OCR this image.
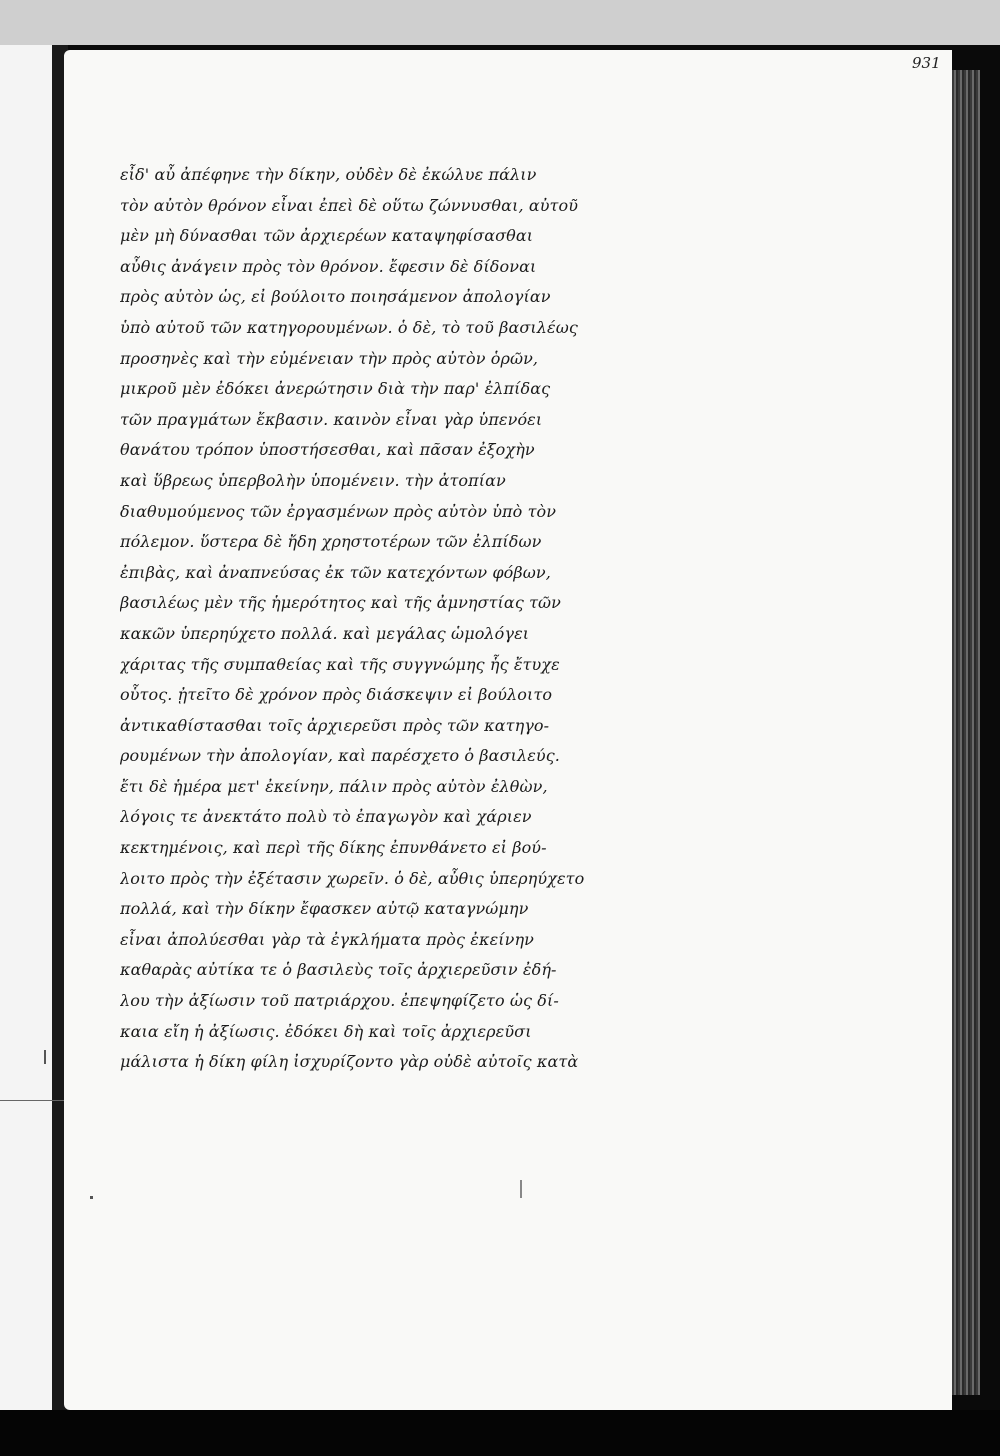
931
εἶδ' αὖ ἀπέφηνε τὴν δίκην, οὐδὲν δὲ ἐκώλυε πάλιν
τὸν αὐτὸν θρόνον εἶναι ἐπεὶ δὲ οὕτω ζώννυσθαι, αὐτοῦ
μὲν μὴ δύνασθαι τῶν ἀρχιερέων καταψηφίσασθαι
αὖθις ἀνάγειν πρὸς τὸν θρόνον. ἔφεσιν δὲ δίδοναι
πρὸς αὐτὸν ὡς, εἰ βούλοιτο ποιησάμενον ἀπολογίαν
ὑπὸ αὐτοῦ τῶν κατηγορουμένων. ὁ δὲ, τὸ τοῦ βασιλέως
προσηνὲς καὶ τὴν εὐμένειαν τὴν πρὸς αὐτὸν ὁρῶν,
μικροῦ μὲν ἐδόκει ἀνερώτησιν διὰ τὴν παρ' ἐλπίδας
τῶν πραγμάτων ἔκβασιν. καινὸν εἶναι γὰρ ὑπενόει
θανάτου τρόπον ὑποστήσεσθαι, καὶ πᾶσαν ἐξοχὴν
καὶ ὕβρεως ὑπερβολὴν ὑπομένειν. τὴν ἀτοπίαν
διαθυμούμενος τῶν ἐργασμένων πρὸς αὐτὸν ὑπὸ τὸν
πόλεμον. ὕστερα δὲ ἤδη χρηστοτέρων τῶν ἐλπίδων
ἐπιβὰς, καὶ ἀναπνεύσας ἐκ τῶν κατεχόντων φόβων,
βασιλέως μὲν τῆς ἡμερότητος καὶ τῆς ἀμνηστίας τῶν
κακῶν ὑπερηύχετο πολλά. καὶ μεγάλας ὡμολόγει
χάριτας τῆς συμπαθείας καὶ τῆς συγγνώμης ἧς ἔτυχε
οὗτος. ᾐτεῖτο δὲ χρόνον πρὸς διάσκεψιν εἰ βούλοιτο
ἀντικαθίστασθαι τοῖς ἀρχιερεῦσι πρὸς τῶν κατηγο-
ρουμένων τὴν ἀπολογίαν, καὶ παρέσχετο ὁ βασιλεύς.
ἔτι δὲ ἡμέρα μετ' ἐκείνην, πάλιν πρὸς αὐτὸν ἐλθὼν,
λόγοις τε ἀνεκτάτο πολὺ τὸ ἐπαγωγὸν καὶ χάριεν
κεκτημένοις, καὶ περὶ τῆς δίκης ἐπυνθάνετο εἰ βού-
λοιτο πρὸς τὴν ἐξέτασιν χωρεῖν. ὁ δὲ, αὖθις ὑπερηύχετο
πολλά, καὶ τὴν δίκην ἔφασκεν αὐτῷ καταγνώμην
εἶναι ἀπολύεσθαι γὰρ τὰ ἐγκλήματα πρὸς ἐκείνην
καθαρὰς αὐτίκα τε ὁ βασιλεὺς τοῖς ἀρχιερεῦσιν ἐδή-
λου τὴν ἀξίωσιν τοῦ πατριάρχου. ἐπεψηφίζετο ὡς δί-
καια εἴη ἡ ἀξίωσις. ἐδόκει δὴ καὶ τοῖς ἀρχιερεῦσι
μάλιστα ἡ δίκη φίλη ἰσχυρίζοντο γὰρ οὐδὲ αὐτοῖς κατὰ
